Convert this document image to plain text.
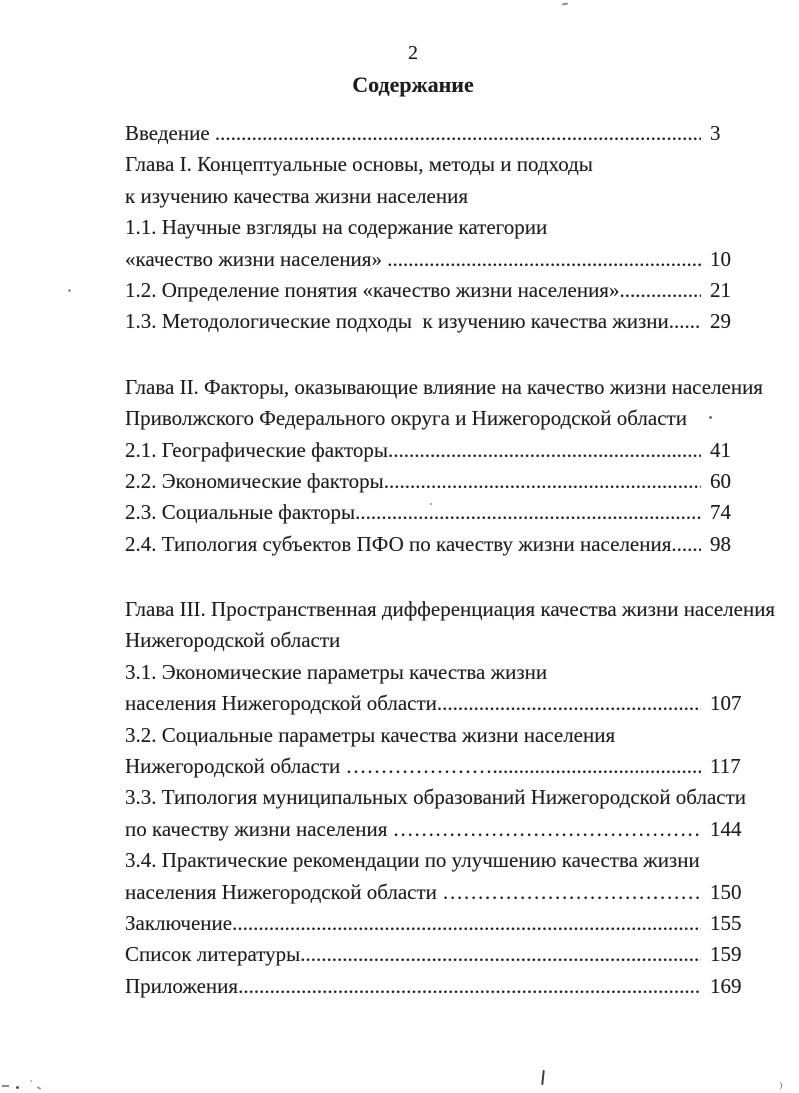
2
Содержание
Введение .....	3
Глава I. Концептуальные основы, методы и подходы
к изучению качества жизни населения
1.1. Научные взгляды на содержание категории
«качество жизни населения» .....	10
1.2. Определение понятия «качество жизни населения» .....	21
1.3. Методологические подходы  к изучению качества жизни .....	29
Глава II. Факторы, оказывающие влияние на качество жизни населения
Приволжского Федерального округа и Нижегородской области
2.1. Географические факторы .....	41
2.2. Экономические факторы .....	60
2.3. Социальные факторы .....	74
2.4. Типология субъектов ПФО по качеству жизни населения .....	98
Глава III. Пространственная дифференциация качества жизни населения
Нижегородской области
3.1. Экономические параметры качества жизни
населения Нижегородской области .....	107
3.2. Социальные параметры качества жизни населения
Нижегородской области …………………....................................................................................	117
3.3. Типология муниципальных образований Нижегородской области
по качеству жизни населения ……………………………………………………………	144
3.4. Практические рекомендации по улучшению качества жизни
населения Нижегородской области ……………………………………………………………	150
Заключение .....	155
Список литературы .....	159
Приложения .....	169
